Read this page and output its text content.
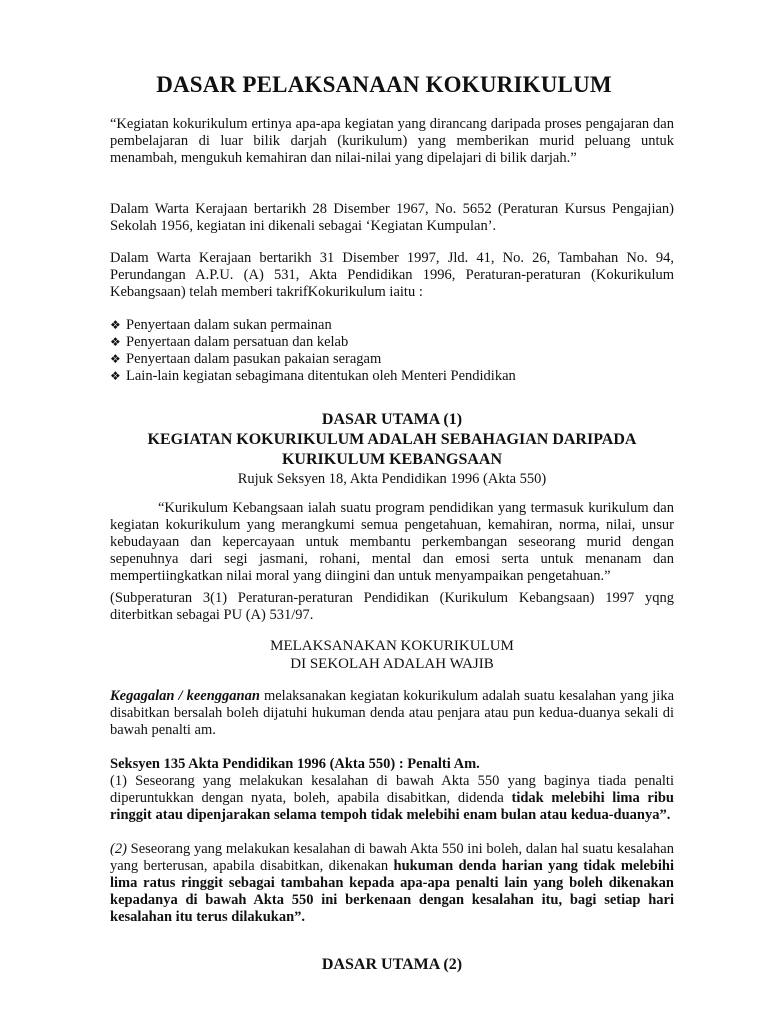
DASAR PELAKSANAAN KOKURIKULUM

“Kegiatan kokurikulum ertinya apa-apa kegiatan yang dirancang daripada proses pengajaran dan pembelajaran di luar bilik darjah (kurikulum) yang memberikan murid peluang untuk menambah, mengukuh kemahiran dan nilai-nilai yang dipelajari di bilik darjah.”

Dalam Warta Kerajaan bertarikh 28 Disember 1967, No. 5652 (Peraturan Kursus Pengajian) Sekolah 1956, kegiatan ini dikenali sebagai ‘Kegiatan Kumpulan’.

Dalam Warta Kerajaan bertarikh 31 Disember 1997, Jld. 41, No. 26, Tambahan No. 94, Perundangan A.P.U. (A) 531, Akta Pendidikan 1996, Peraturan-peraturan (Kokurikulum Kebangsaan) telah memberi takrifKokurikulum iaitu :

❖ Penyertaan dalam sukan permainan
❖ Penyertaan dalam persatuan dan kelab
❖ Penyertaan dalam pasukan pakaian seragam
❖ Lain-lain kegiatan sebagimana ditentukan oleh Menteri Pendidikan

DASAR UTAMA (1)

KEGIATAN KOKURIKULUM ADALAH SEBAHAGIAN DARIPADA

KURIKULUM KEBANGSAAN

Rujuk Seksyen 18, Akta Pendidikan 1996 (Akta 550)

“Kurikulum Kebangsaan ialah suatu program pendidikan yang termasuk kurikulum dan kegiatan kokurikulum yang merangkumi semua pengetahuan, kemahiran, norma, nilai, unsur kebudayaan dan kepercayaan untuk membantu perkembangan seseorang murid dengan sepenuhnya dari segi jasmani, rohani, mental dan emosi serta untuk menanam dan mempertiingkatkan nilai moral yang diingini dan untuk menyampaikan pengetahuan.”

(Subperaturan 3(1) Peraturan-peraturan Pendidikan (Kurikulum Kebangsaan) 1997 yqng diterbitkan sebagai PU (A) 531/97.

MELAKSANAKAN KOKURIKULUM

DI SEKOLAH ADALAH WAJIB

Kegagalan / keengganan melaksanakan kegiatan kokurikulum adalah suatu kesalahan yang jika disabitkan bersalah boleh dijatuhi hukuman denda atau penjara atau pun kedua-duanya sekali di bawah penalti am.

Seksyen 135 Akta Pendidikan 1996 (Akta 550) : Penalti Am.

(1) Seseorang yang melakukan kesalahan di bawah Akta 550 yang baginya tiada penalti diperuntukkan dengan nyata, boleh, apabila disabitkan, didenda tidak melebihi lima ribu ringgit atau dipenjarakan selama tempoh tidak melebihi enam bulan atau kedua-duanya”.

(2) Seseorang yang melakukan kesalahan di bawah Akta 550 ini boleh, dalan hal suatu kesalahan yang berterusan, apabila disabitkan, dikenakan hukuman denda harian yang tidak melebihi lima ratus ringgit sebagai tambahan kepada apa-apa penalti lain yang boleh dikenakan kepadanya di bawah Akta 550 ini berkenaan dengan kesalahan itu, bagi setiap hari kesalahan itu terus dilakukan”.

DASAR UTAMA (2)
